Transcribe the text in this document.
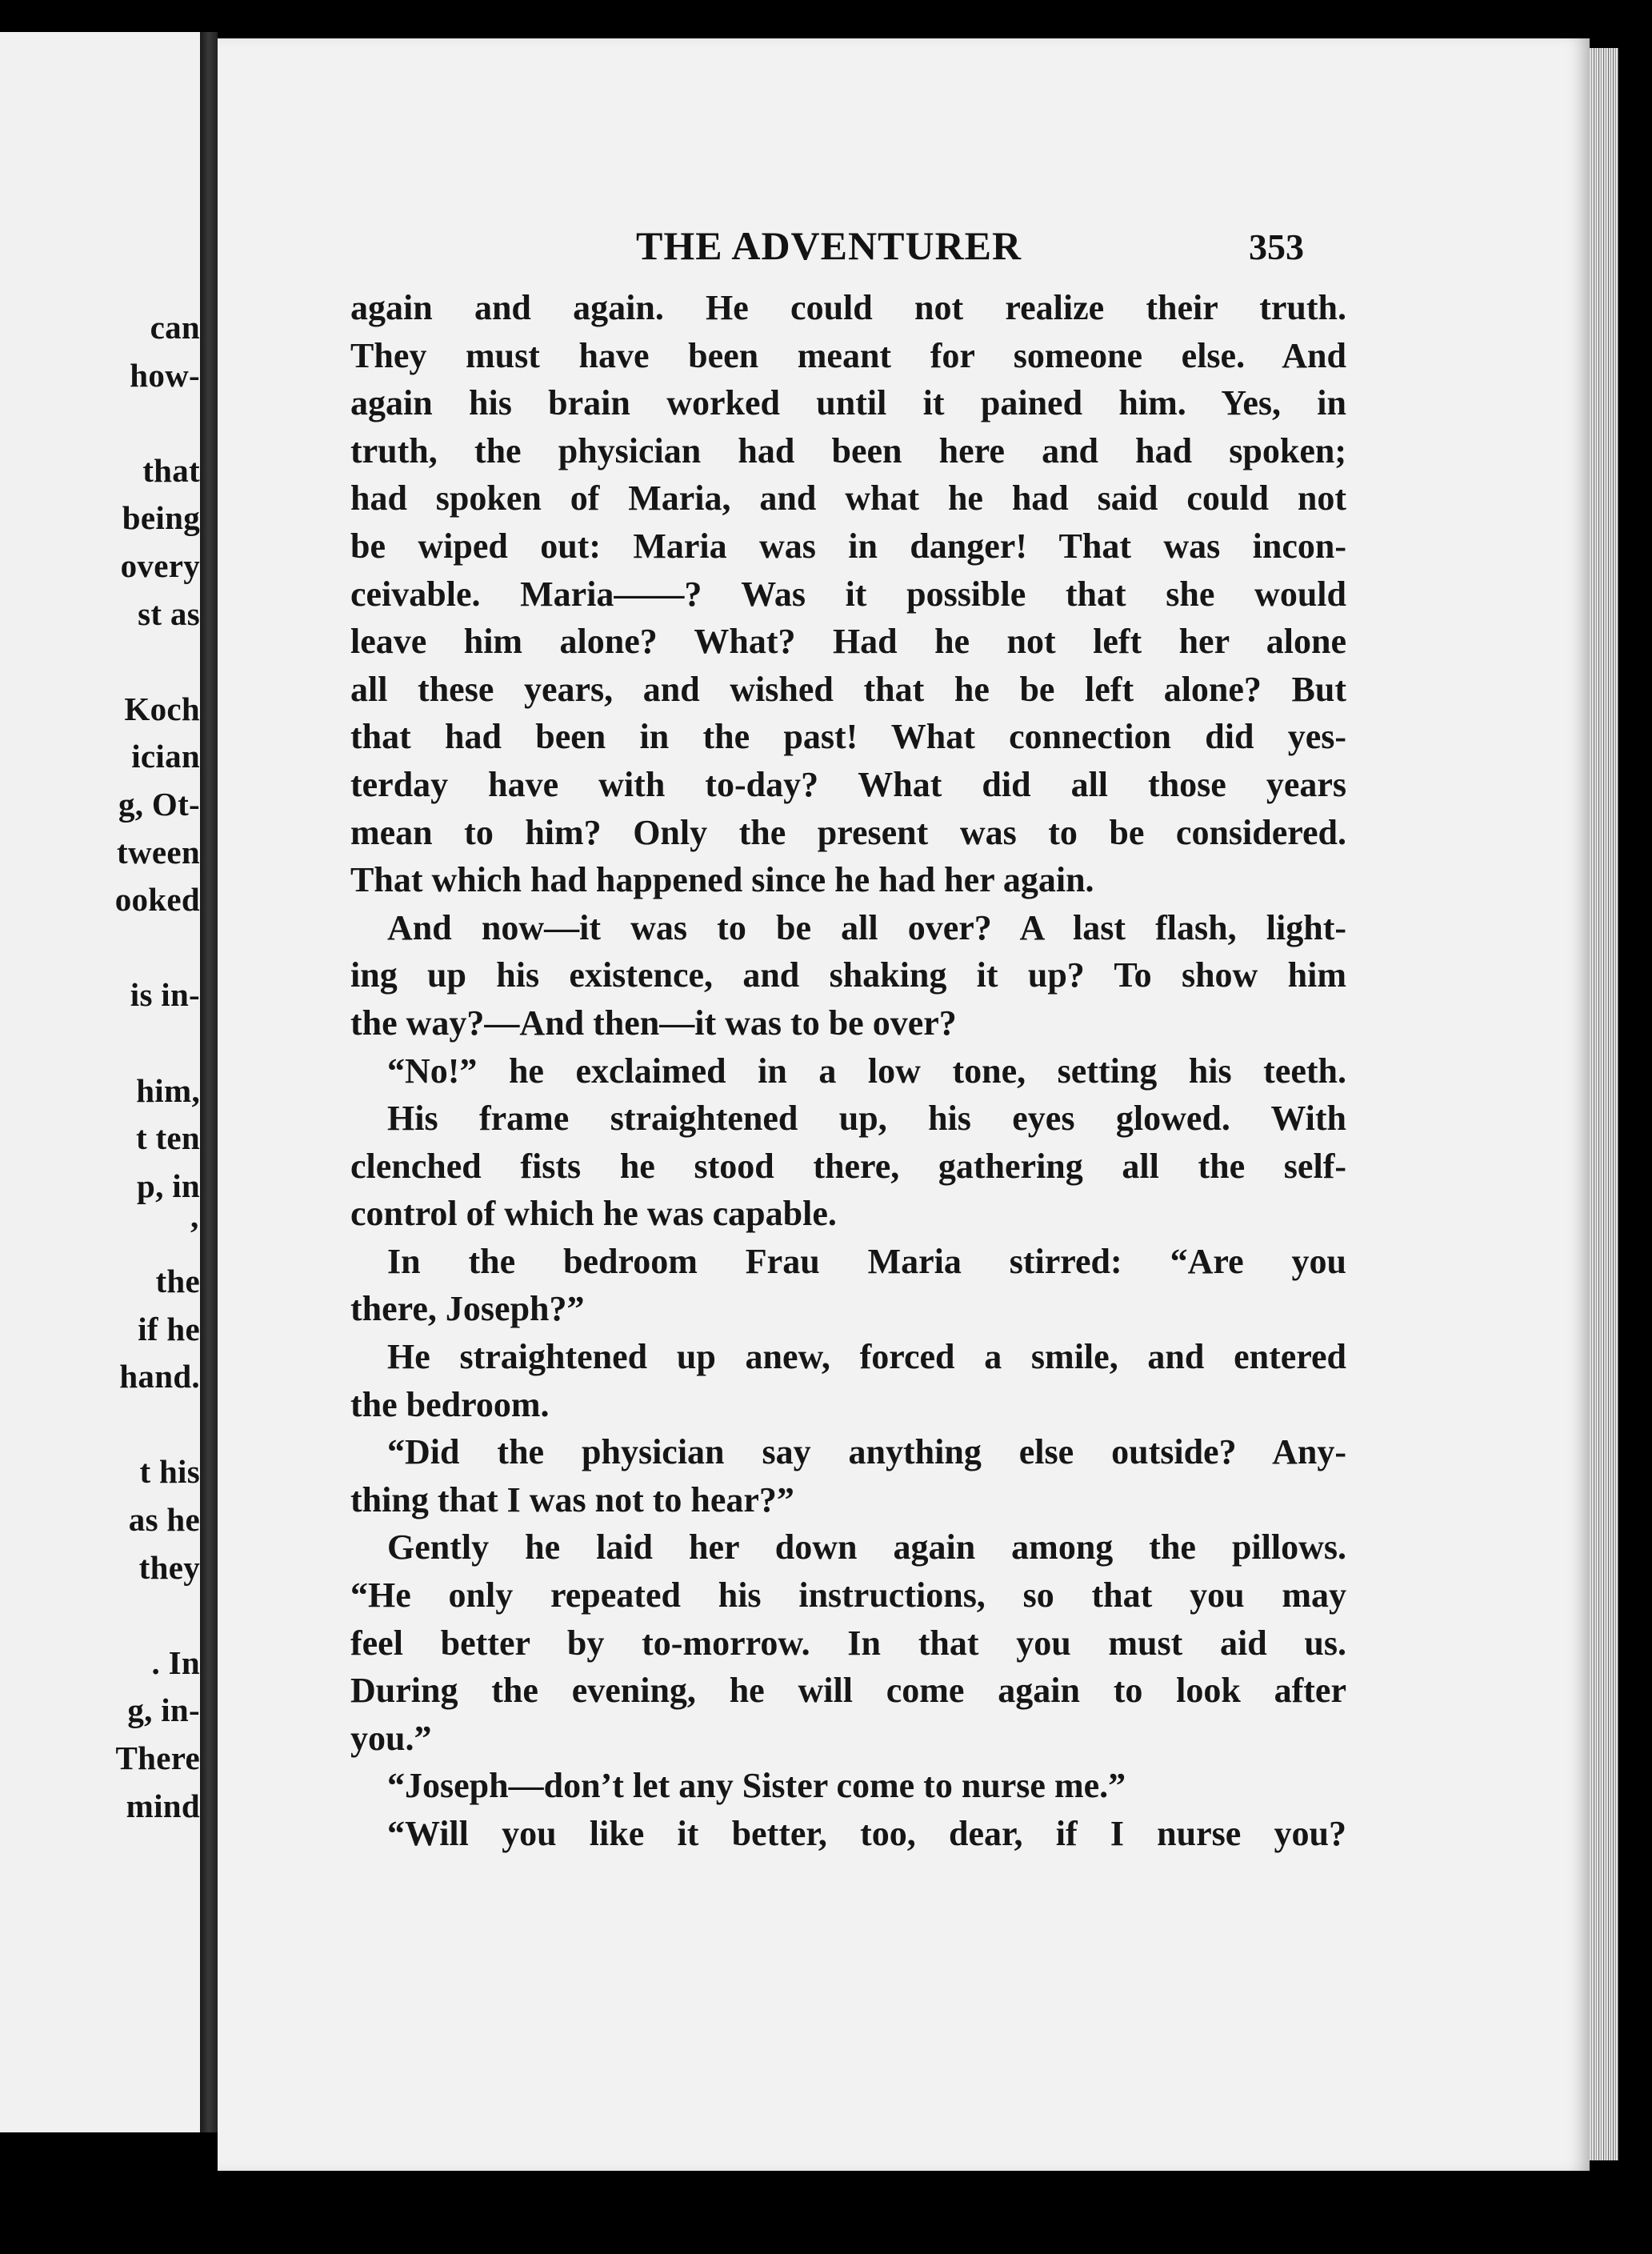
can
how-
that
being
overy
st as
Koch
ician
g, Ot-
tween
ooked
is in-
him,
t ten
p, in
’
the
if he
hand.
t his
as he
they
. In
g, in-
There
mind
THE ADVENTURER	353
again and again. He could not realize their truth.
They must have been meant for someone else. And
again his brain worked until it pained him. Yes, in
truth, the physician had been here and had spoken;
had spoken of Maria, and what he had said could not
be wiped out: Maria was in danger! That was incon-
ceivable. Maria——? Was it possible that she would
leave him alone? What? Had he not left her alone
all these years, and wished that he be left alone? But
that had been in the past! What connection did yes-
terday have with to-day? What did all those years
mean to him? Only the present was to be considered.
That which had happened since he had her again.
And now—it was to be all over? A last flash, light-
ing up his existence, and shaking it up? To show him
the way?—And then—it was to be over?
“No!” he exclaimed in a low tone, setting his teeth.
His frame straightened up, his eyes glowed. With
clenched fists he stood there, gathering all the self-
control of which he was capable.
In the bedroom Frau Maria stirred: “Are you
there, Joseph?”
He straightened up anew, forced a smile, and entered
the bedroom.
“Did the physician say anything else outside? Any-
thing that I was not to hear?”
Gently he laid her down again among the pillows.
“He only repeated his instructions, so that you may
feel better by to-morrow. In that you must aid us.
During the evening, he will come again to look after
you.”
“Joseph—don’t let any Sister come to nurse me.”
“Will you like it better, too, dear, if I nurse you?
